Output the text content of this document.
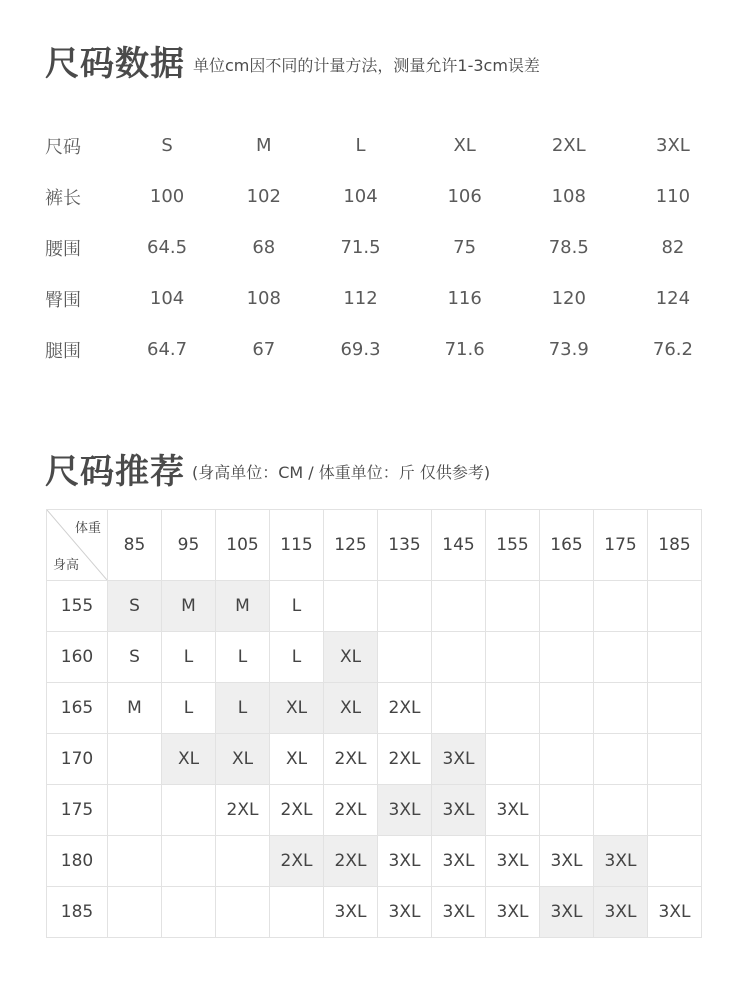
尺码数据 单位cm因不同的计量方法，测量允许1-3cm误差
尺码	S	M	L	XL	2XL	3XL
裤长	100	102	104	106	108	110
腰围	64.5	68	71.5	75	78.5	82
臀围	104	108	112	116	120	124
腿围	64.7	67	69.3	71.6	73.9	76.2
尺码推荐 (身高单位：CM / 体重单位：斤 仅供参考)
体重
身高	85	95	105	115	125	135	145	155	165	175	185
155	S	M	M	L							
160	S	L	L	L	XL						
165	M	L	L	XL	XL	2XL					
170		XL	XL	XL	2XL	2XL	3XL				
175			2XL	2XL	2XL	3XL	3XL	3XL			
180				2XL	2XL	3XL	3XL	3XL	3XL	3XL	
185					3XL	3XL	3XL	3XL	3XL	3XL	3XL
